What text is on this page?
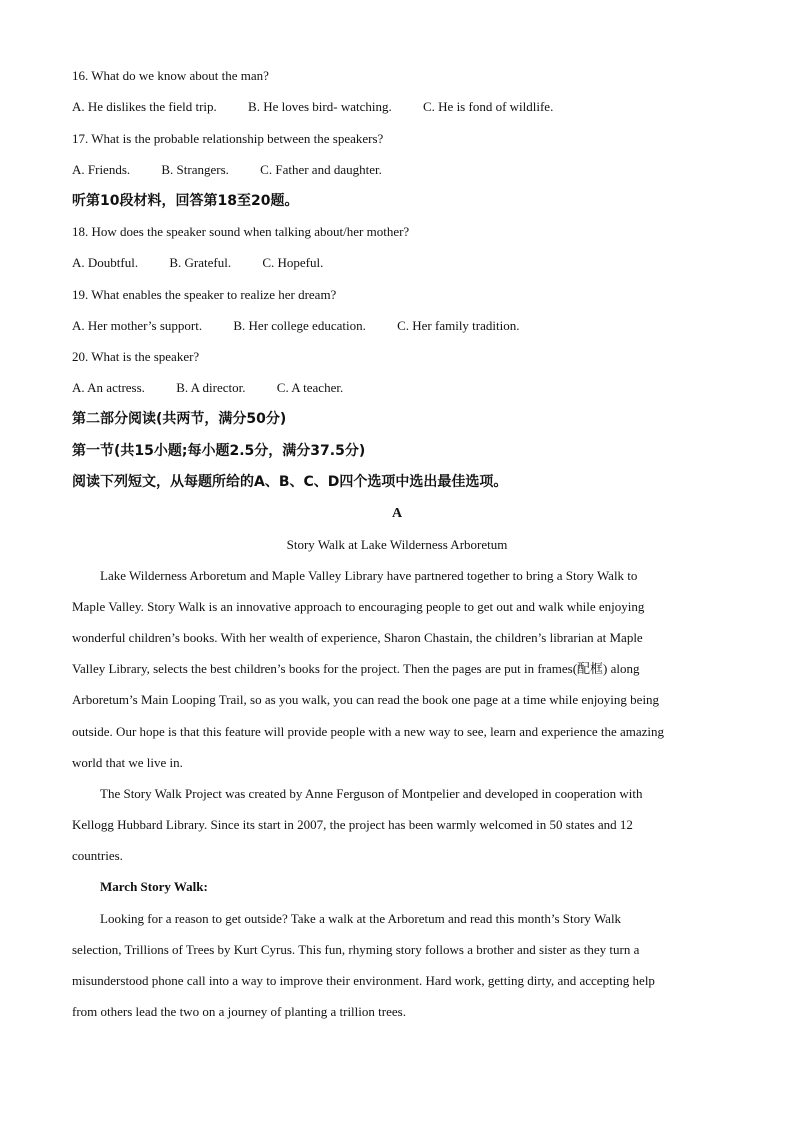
16. What do we know about the man?
A. He dislikes the field trip. B. He loves bird- watching. C. He is fond of wildlife.
17. What is the probable relationship between the speakers?
A. Friends. B. Strangers. C. Father and daughter.
听第10段材料，回答第18至20题。
18. How does the speaker sound when talking about/her mother?
A. Doubtful. B. Grateful. C. Hopeful.
19. What enables the speaker to realize her dream?
A. Her mother’s support. B. Her college education. C. Her family tradition.
20. What is the speaker?
A. An actress. B. A director. C. A teacher.
第二部分阅读(共两节，满分50分)
第一节(共15小题;每小题2.5分，满分37.5分)
阅读下列短文，从每题所给的A、B、C、D四个选项中选出最佳选项。
A
Story Walk at Lake Wilderness Arboretum
Lake Wilderness Arboretum and Maple Valley Library have partnered together to bring a Story Walk to
Maple Valley. Story Walk is an innovative approach to encouraging people to get out and walk while enjoying
wonderful children’s books. With her wealth of experience, Sharon Chastain, the children’s librarian at Maple
Valley Library, selects the best children’s books for the project. Then the pages are put in frames(配框) along
Arboretum’s Main Looping Trail, so as you walk, you can read the book one page at a time while enjoying being
outside. Our hope is that this feature will provide people with a new way to see, learn and experience the amazing
world that we live in.
The Story Walk Project was created by Anne Ferguson of Montpelier and developed in cooperation with
Kellogg Hubbard Library. Since its start in 2007, the project has been warmly welcomed in 50 states and 12
countries.
March Story Walk:
Looking for a reason to get outside? Take a walk at the Arboretum and read this month’s Story Walk
selection, Trillions of Trees by Kurt Cyrus. This fun, rhyming story follows a brother and sister as they turn a
misunderstood phone call into a way to improve their environment. Hard work, getting dirty, and accepting help
from others lead the two on a journey of planting a trillion trees.
